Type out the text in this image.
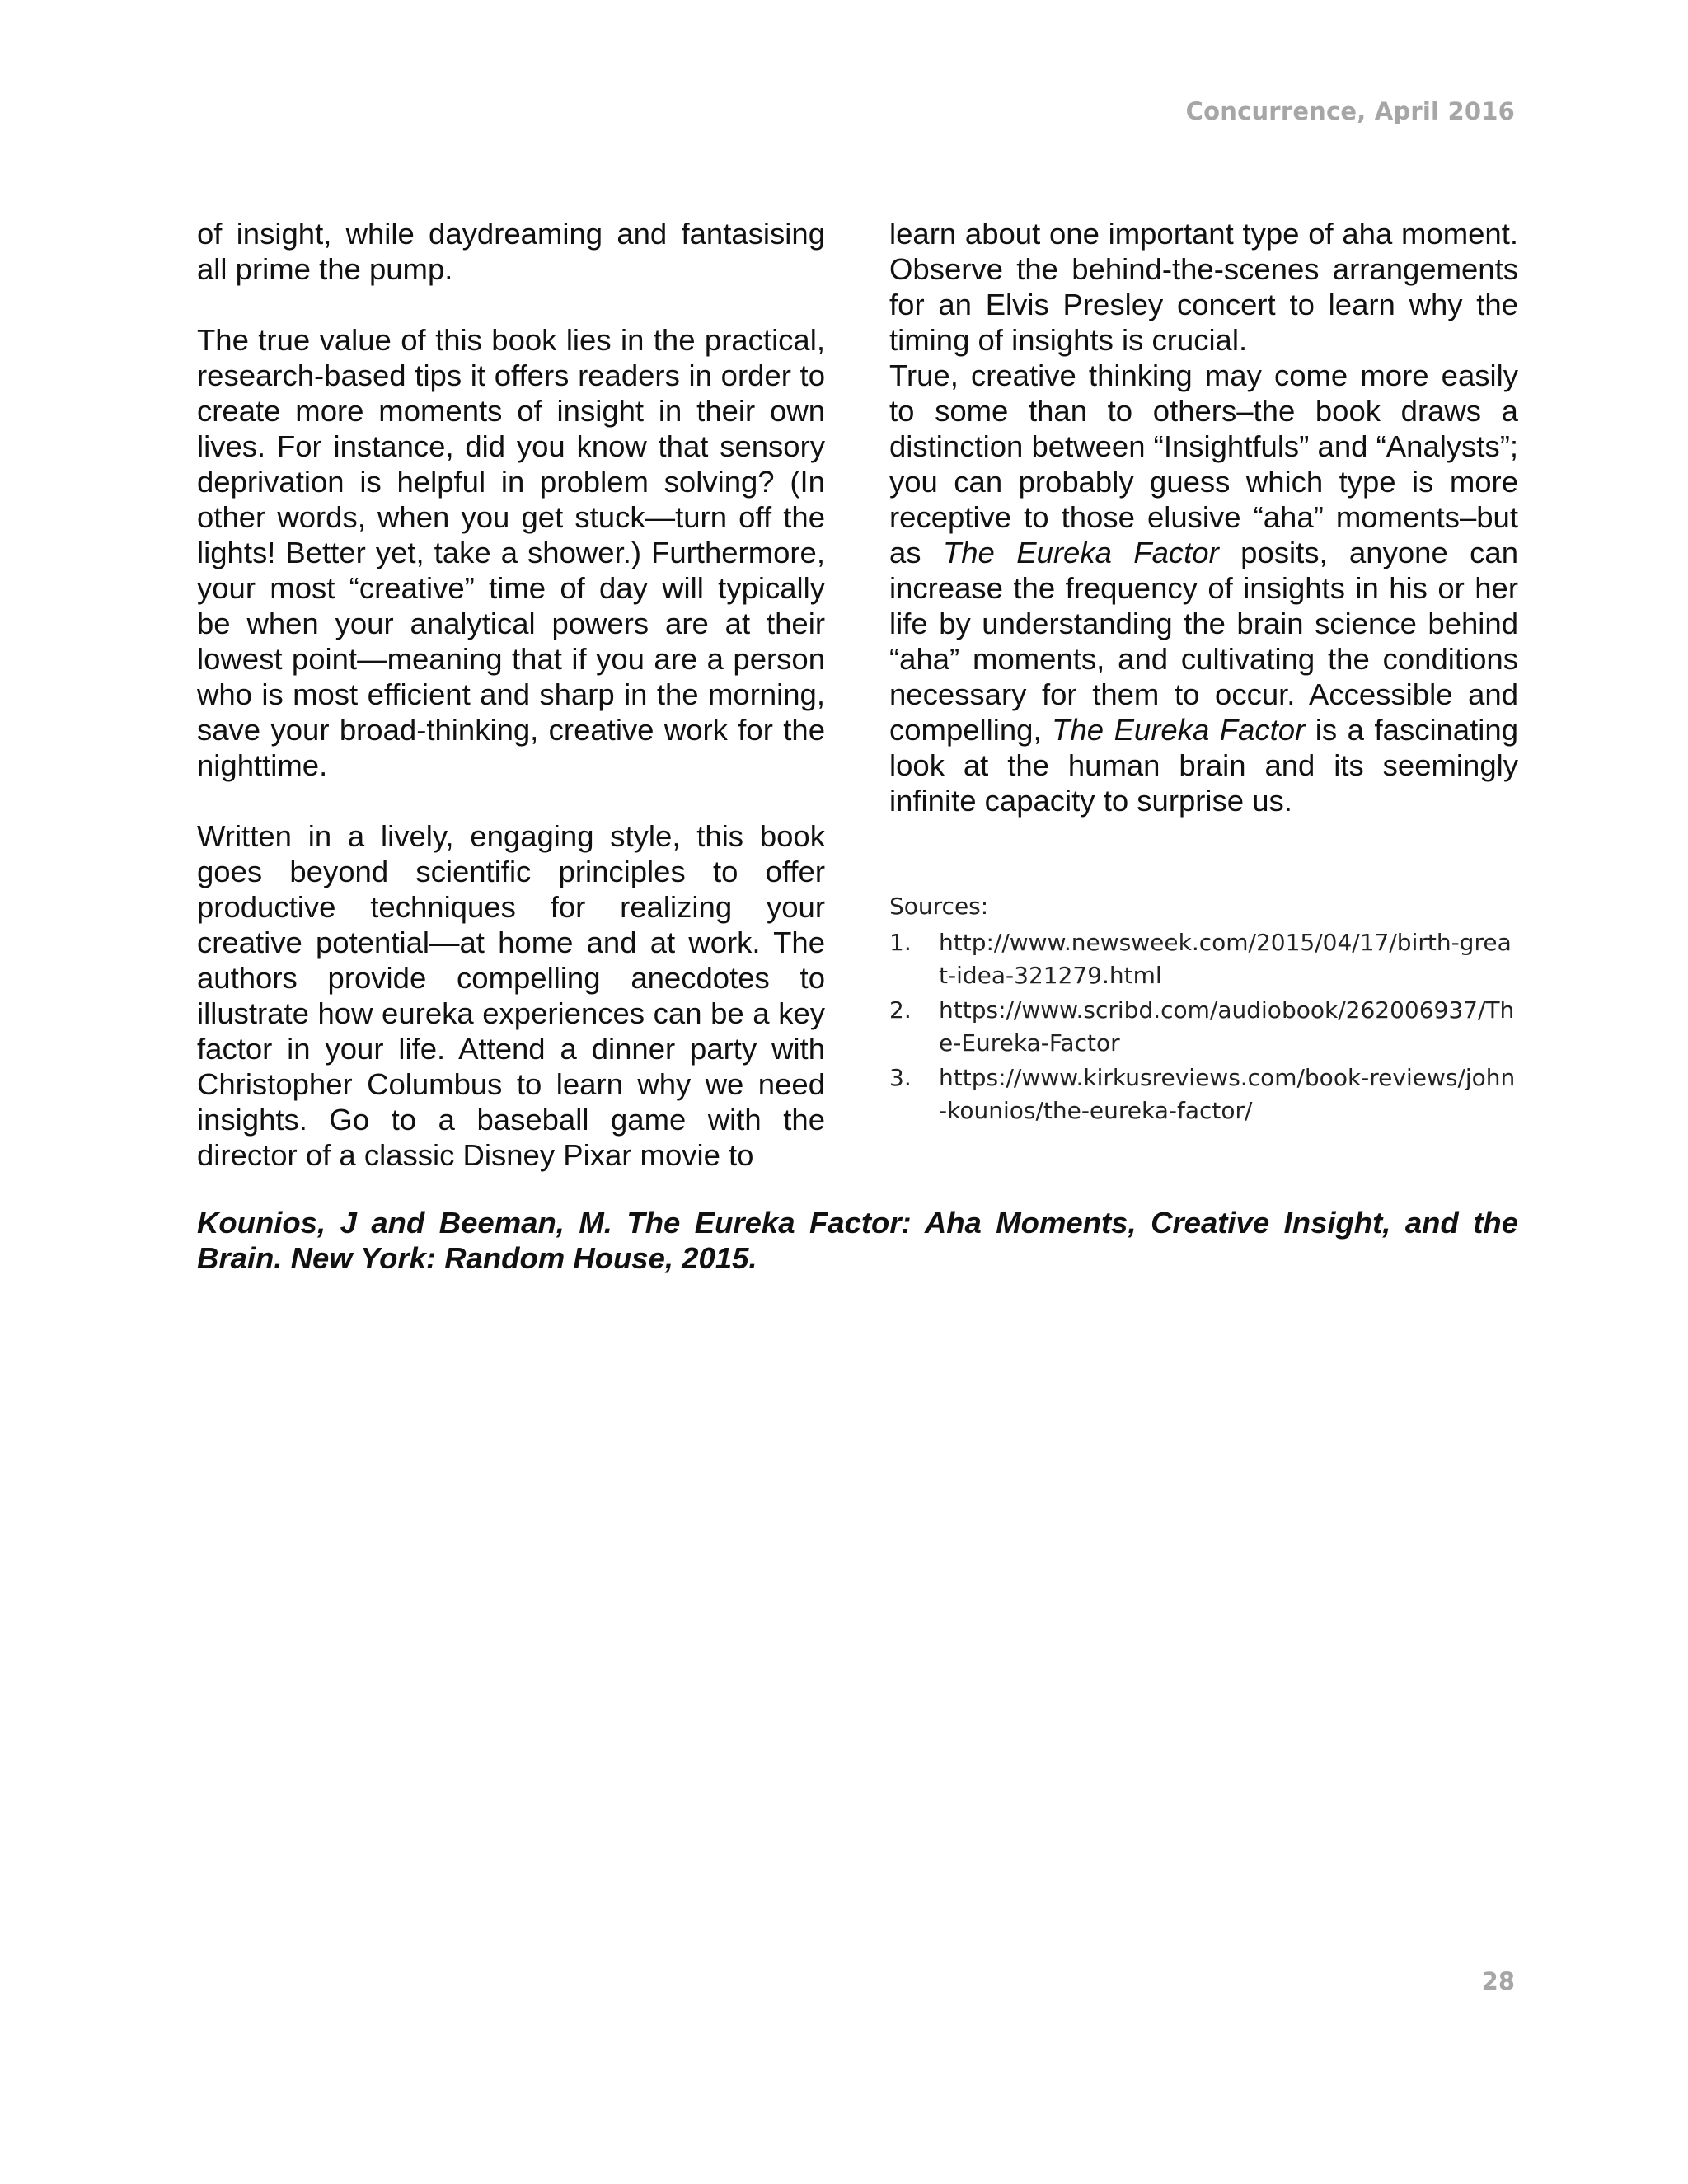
Concurrence, April 2016

of insight, while daydreaming and fantasising all prime the pump.

The true value of this book lies in the practical, research-based tips it offers readers in order to create more moments of insight in their own lives. For instance, did you know that sensory deprivation is helpful in problem solving? (In other words, when you get stuck—turn off the lights! Better yet, take a shower.) Furthermore, your most “creative” time of day will typically be when your analytical powers are at their lowest point—meaning that if you are a person who is most efficient and sharp in the morning, save your broad-thinking, creative work for the nighttime.

Written in a lively, engaging style, this book goes beyond scientific principles to offer productive techniques for realizing your creative potential—at home and at work. The authors provide compelling anecdotes to illustrate how eureka experiences can be a key factor in your life. Attend a dinner party with Christopher Columbus to learn why we need insights. Go to a baseball game with the director of a classic Disney Pixar movie to

learn about one important type of aha moment. Observe the behind-the-scenes arrangements for an Elvis Presley concert to learn why the timing of insights is crucial.

True, creative thinking may come more easily to some than to others–the book draws a distinction between “Insightfuls” and “Analysts”; you can probably guess which type is more receptive to those elusive “aha” moments–but as The Eureka Factor posits, anyone can increase the frequency of insights in his or her life by understanding the brain science behind “aha” moments, and cultivating the conditions necessary for them to occur. Accessible and compelling, The Eureka Factor is a fascinating look at the human brain and its seemingly infinite capacity to surprise us.

Sources:

1. http://www.newsweek.com/2015/04/17/birth-great-idea-321279.html
2. https://www.scribd.com/audiobook/262006937/The-Eureka-Factor
3. https://www.kirkusreviews.com/book-reviews/john-kounios/the-eureka-factor/

Kounios, J and Beeman, M. The Eureka Factor: Aha Moments, Creative Insight, and the Brain. New York: Random House, 2015.

28
